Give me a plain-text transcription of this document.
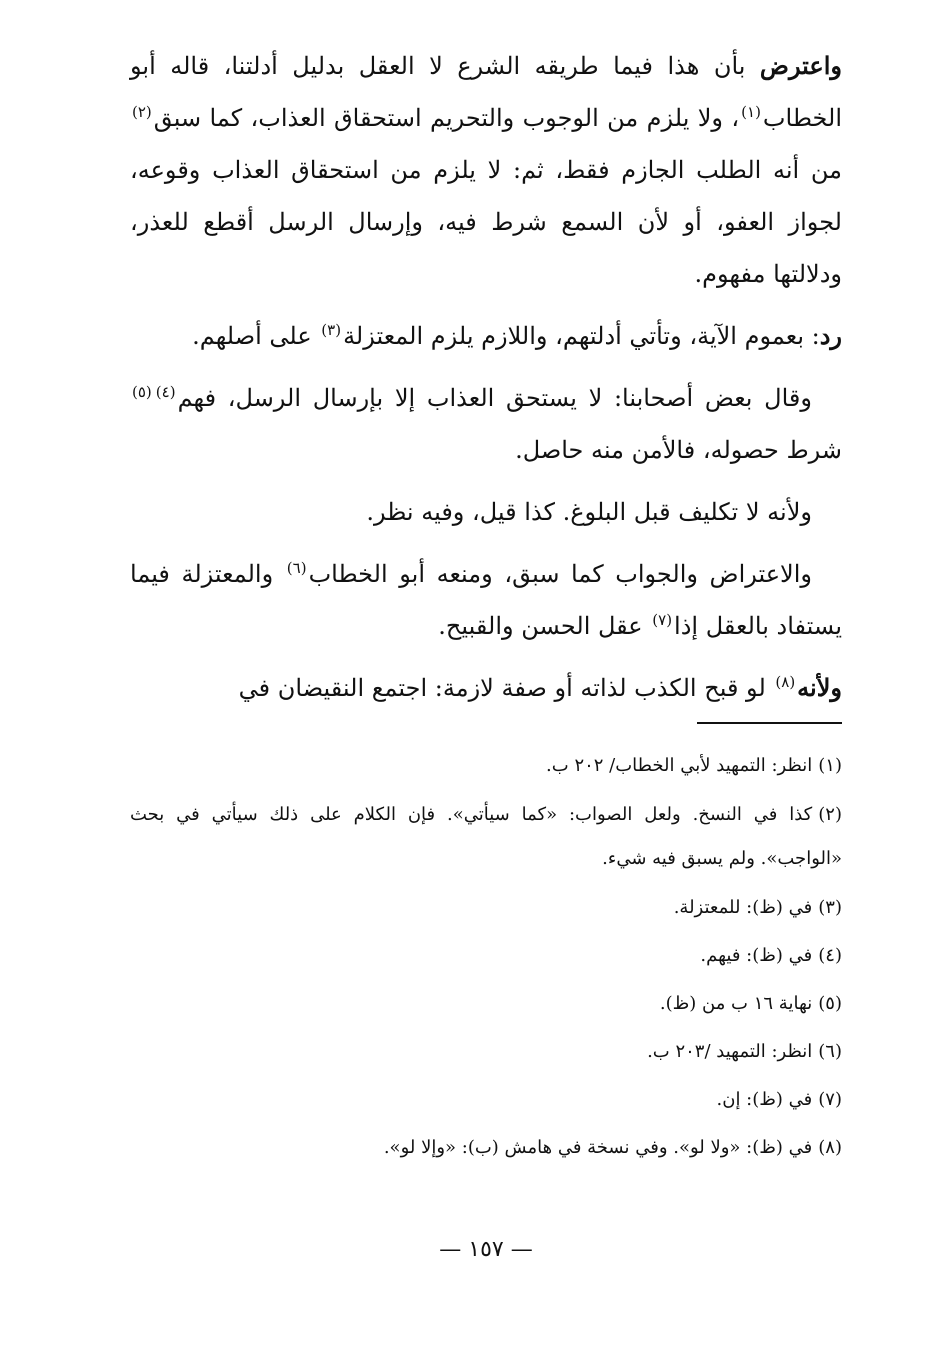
واعترض بأن هذا فيما طريقه الشرع لا العقل بدليل أدلتنا، قاله أبو الخطاب$^{(١)}$، ولا يلزم من الوجوب والتحريم استحقاق العذاب، كما سبق$^{(٢)}$ من أنه الطلب الجازم فقط، ثم: لا يلزم من استحقاق العذاب وقوعه، لجواز العفو، أو لأن السمع شرط فيه، وإرسال الرسل أقطع للعذر، ودلالتها مفهوم.

رد: بعموم الآية، وتأتي أدلتهم، واللازم يلزم المعتزلة$^{(٣)}$ على أصلهم.

وقال بعض أصحابنا: لا يستحق العذاب إلا بإرسال الرسل، فهم$^{(٤)(٥)}$ شرط حصوله، فالأمن منه حاصل.

ولأنه لا تكليف قبل البلوغ. كذا قيل، وفيه نظر.

والاعتراض والجواب كما سبق، ومنعه أبو الخطاب$^{(٦)}$ والمعتزلة فيما يستفاد بالعقل إذا$^{(٧)}$ عقل الحسن والقبيح.

ولأنه$^{(٨)}$ لو قبح الكذب لذاته أو صفة لازمة: اجتمع النقيضان في

(١)انظر: التمهيد لأبي الخطاب/ ٢٠٢ ب.

(٢)كذا في النسخ. ولعل الصواب: «كما سيأتي». فإن الكلام على ذلك سيأتي في بحث «الواجب». ولم يسبق فيه شيء.

(٣)في (ظ): للمعتزلة.

(٤)في (ظ): فيهم.

(٥)نهاية ١٦ ب من (ظ).

(٦)انظر: التمهيد /٢٠٣ ب.

(٧)في (ظ): إن.

(٨)في (ظ): «ولا لو». وفي نسخة في هامش (ب): «وإلا لو».

— ١٥٧ —
